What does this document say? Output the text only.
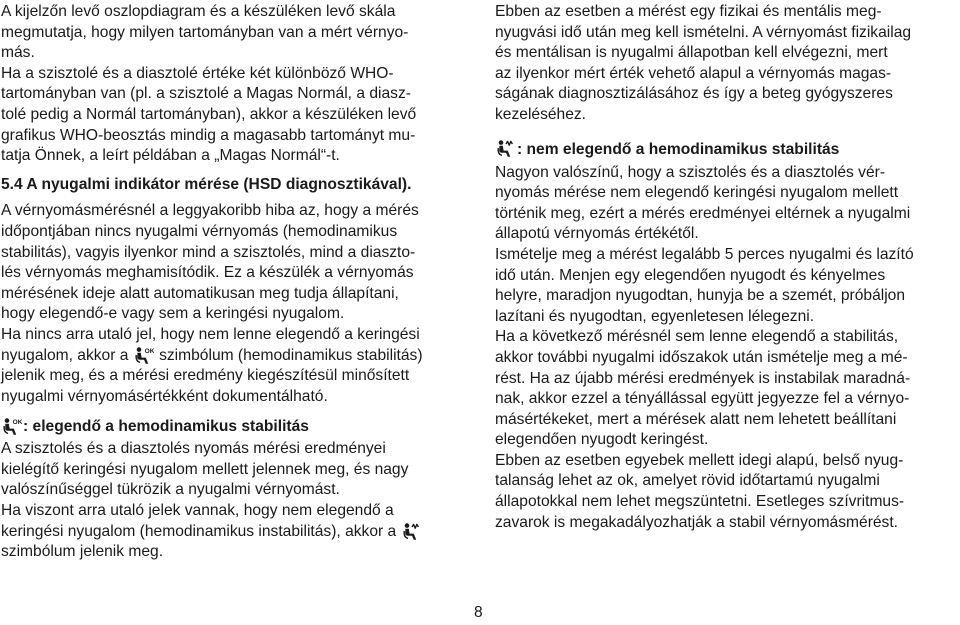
A kijelzőn levő oszlopdiagram és a készüléken levő skála
megmutatja, hogy milyen tartományban van a mért vérnyo-
más.
Ha a szisztolé és a diasztolé értéke két különböző WHO-
tartományban van (pl. a szisztolé a Magas Normál, a diasz-
tolé pedig a Normál tartományban), akkor a készüléken levő
grafikus WHO-beosztás mindig a magasabb tartományt mu-
tatja Önnek, a leírt példában a „Magas Normál“-t.
5.4 A nyugalmi indikátor mérése (HSD diagnosztikával).
A vérnyomásmérésnél a leggyakoribb hiba az, hogy a mérés
időpontjában nincs nyugalmi vérnyomás (hemodinamikus
stabilitás), vagyis ilyenkor mind a szisztolés, mind a diaszto-
lés vérnyomás meghamisítódik. Ez a készülék a vérnyomás
mérésének ideje alatt automatikusan meg tudja állapítani,
hogy elegendő-e vagy sem a keringési nyugalom.
Ha nincs arra utaló jel, hogy nem lenne elegendő a keringési
nyugalom, akkor a OK szimbólum (hemodinamikus stabilitás)
jelenik meg, és a mérési eredmény kiegészítésül minősített
nyugalmi vérnyomásértékként dokumentálható.
OK : elegendő a hemodinamikus stabilitás
A szisztolés és a diasztolés nyomás mérési eredményei
kielégítő keringési nyugalom mellett jelennek meg, és nagy
valószínűséggel tükrözik a nyugalmi vérnyomást.
Ha viszont arra utaló jelek vannak, hogy nem elegendő a
keringési nyugalom (hemodinamikus instabilitás), akkor a
szimbólum jelenik meg.
Ebben az esetben a mérést egy fizikai és mentális meg-
nyugvási idő után meg kell ismételni. A vérnyomást fizikailag
és mentálisan is nyugalmi állapotban kell elvégezni, mert
az ilyenkor mért érték vehető alapul a vérnyomás magas-
ságának diagnosztizálásához és így a beteg gyógyszeres
kezeléséhez.
: nem elegendő a hemodinamikus stabilitás
Nagyon valószínű, hogy a szisztolés és a diasztolés vér-
nyomás mérése nem elegendő keringési nyugalom mellett
történik meg, ezért a mérés eredményei eltérnek a nyugalmi
állapotú vérnyomás értékétől.
Ismételje meg a mérést legalább 5 perces nyugalmi és lazító
idő után. Menjen egy elegendően nyugodt és kényelmes
helyre, maradjon nyugodtan, hunyja be a szemét, próbáljon
lazítani és nyugodtan, egyenletesen lélegezni.
Ha a következő mérésnél sem lenne elegendő a stabilitás,
akkor további nyugalmi időszakok után ismételje meg a mé-
rést. Ha az újabb mérési eredmények is instabilak maradná-
nak, akkor ezzel a tényállással együtt jegyezze fel a vérnyo-
másértékeket, mert a mérések alatt nem lehetett beállítani
elegendően nyugodt keringést.
Ebben az esetben egyebek mellett idegi alapú, belső nyug-
talanság lehet az ok, amelyet rövid időtartamú nyugalmi
állapotokkal nem lehet megszüntetni. Esetleges szívritmus-
zavarok is megakadályozhatják a stabil vérnyomásmérést.
8
